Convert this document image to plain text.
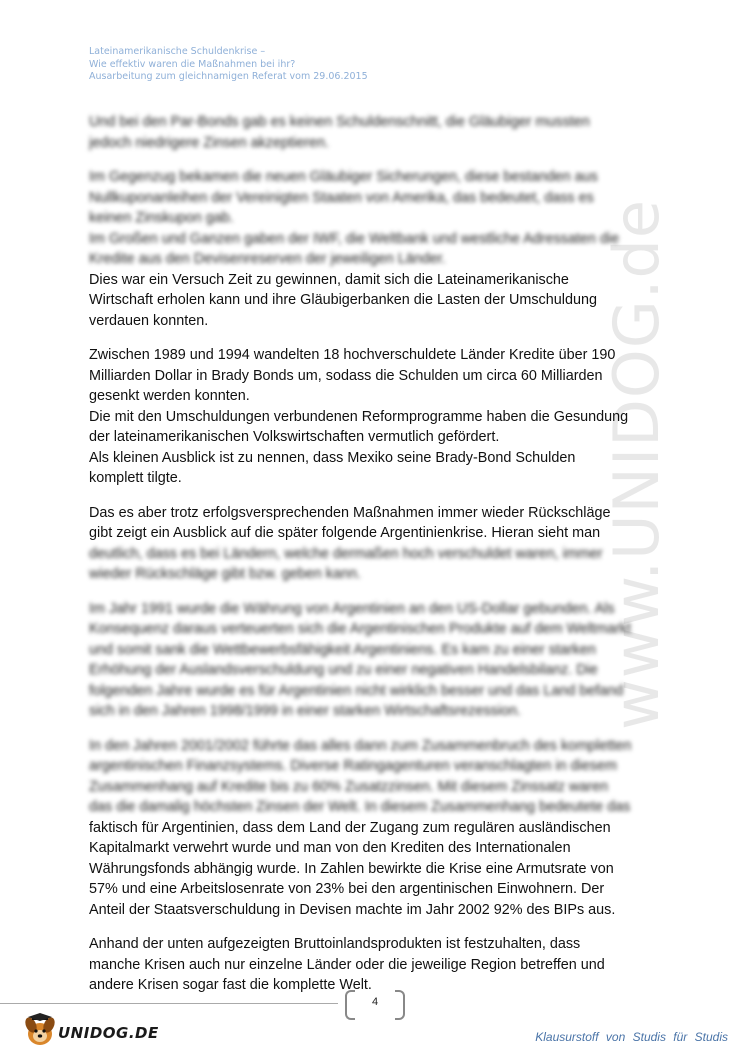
Lateinamerikanische Schuldenkrise –
Wie effektiv waren die Maßnahmen bei ihr?
Ausarbeitung zum gleichnamigen Referat vom 29.06.2015
www.UNIDOG.de
Und bei den Par-Bonds gab es keinen Schuldenschnitt, die Gläubiger mussten
jedoch niedrigere Zinsen akzeptieren.
Im Gegenzug bekamen die neuen Gläubiger Sicherungen, diese bestanden aus
Nullkuponanleihen der Vereinigten Staaten von Amerika, das bedeutet, dass es
keinen Zinskupon gab.
Im Großen und Ganzen gaben der IWF, die Weltbank und westliche Adressaten die
Kredite aus den Devisenreserven der jeweiligen Länder.
Dies war ein Versuch Zeit zu gewinnen, damit sich die Lateinamerikanische
Wirtschaft erholen kann und ihre Gläubigerbanken die Lasten der Umschuldung
verdauen konnten.
Zwischen 1989 und 1994 wandelten 18 hochverschuldete Länder Kredite über 190
Milliarden Dollar in Brady Bonds um, sodass die Schulden um circa 60 Milliarden
gesenkt werden konnten.
Die mit den Umschuldungen verbundenen Reformprogramme haben die Gesundung
der lateinamerikanischen Volkswirtschaften vermutlich gefördert.
Als kleinen Ausblick ist zu nennen, dass Mexiko seine Brady-Bond Schulden
komplett tilgte.
Das es aber trotz erfolgsversprechenden Maßnahmen immer wieder Rückschläge
gibt zeigt ein Ausblick auf die später folgende Argentinienkrise. Hieran sieht man
deutlich, dass es bei Ländern, welche dermaßen hoch verschuldet waren, immer
wieder Rückschläge gibt bzw. geben kann.
Im Jahr 1991 wurde die Währung von Argentinien an den US-Dollar gebunden. Als
Konsequenz daraus verteuerten sich die Argentinischen Produkte auf dem Weltmarkt
und somit sank die Wettbewerbsfähigkeit Argentiniens. Es kam zu einer starken
Erhöhung der Auslandsverschuldung und zu einer negativen Handelsbilanz. Die
folgenden Jahre wurde es für Argentinien nicht wirklich besser und das Land befand
sich in den Jahren 1998/1999 in einer starken Wirtschaftsrezession.
In den Jahren 2001/2002 führte das alles dann zum Zusammenbruch des kompletten
argentinischen Finanzsystems. Diverse Ratingagenturen veranschlagten in diesem
Zusammenhang auf Kredite bis zu 60% Zusatzzinsen. Mit diesem Zinssatz waren
das die damalig höchsten Zinsen der Welt. In diesem Zusammenhang bedeutete das
faktisch für Argentinien, dass dem Land der Zugang zum regulären ausländischen
Kapitalmarkt verwehrt wurde und man von den Krediten des Internationalen
Währungsfonds abhängig wurde. In Zahlen bewirkte die Krise eine Armutsrate von
57% und eine Arbeitslosenrate von 23% bei den argentinischen Einwohnern. Der
Anteil der Staatsverschuldung in Devisen machte im Jahr 2002 92% des BIPs aus.
Anhand der unten aufgezeigten Bruttoinlandsprodukten ist festzuhalten, dass
manche Krisen auch nur einzelne Länder oder die jeweilige Region betreffen und
andere Krisen sogar fast die komplette Welt.
4
UNIDOG.DE	Klausurstoff von Studis für Studis
